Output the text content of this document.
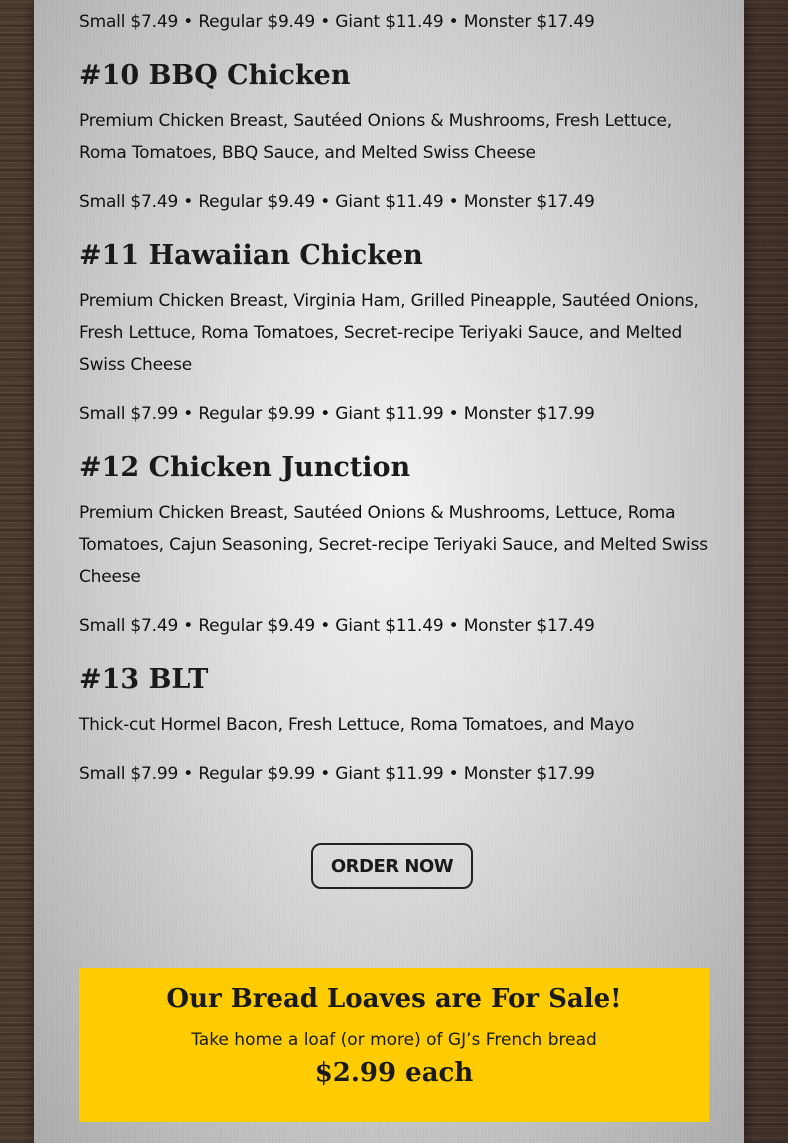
Small $7.49 • Regular $9.49 • Giant $11.49 • Monster $17.49
#10 BBQ Chicken

Premium Chicken Breast, Sautéed Onions & Mushrooms, Fresh Lettuce, Roma Tomatoes, BBQ Sauce, and Melted Swiss Cheese

Small $7.49 • Regular $9.49 • Giant $11.49 • Monster $17.49
#11 Hawaiian Chicken

Premium Chicken Breast, Virginia Ham, Grilled Pineapple, Sautéed Onions, Fresh Lettuce, Roma Tomatoes, Secret-recipe Teriyaki Sauce, and Melted Swiss Cheese

Small $7.99 • Regular $9.99 • Giant $11.99 • Monster $17.99
#12 Chicken Junction

Premium Chicken Breast, Sautéed Onions & Mushrooms, Lettuce, Roma Tomatoes, Cajun Seasoning, Secret-recipe Teriyaki Sauce, and Melted Swiss Cheese

Small $7.49 • Regular $9.49 • Giant $11.49 • Monster $17.49
#13 BLT

Thick-cut Hormel Bacon, Fresh Lettuce, Roma Tomatoes, and Mayo

Small $7.99 • Regular $9.99 • Giant $11.99 • Monster $17.99
ORDER NOW
Our Bread Loaves are For Sale!

Take home a loaf (or more) of GJ’s French bread

$2.99 each
